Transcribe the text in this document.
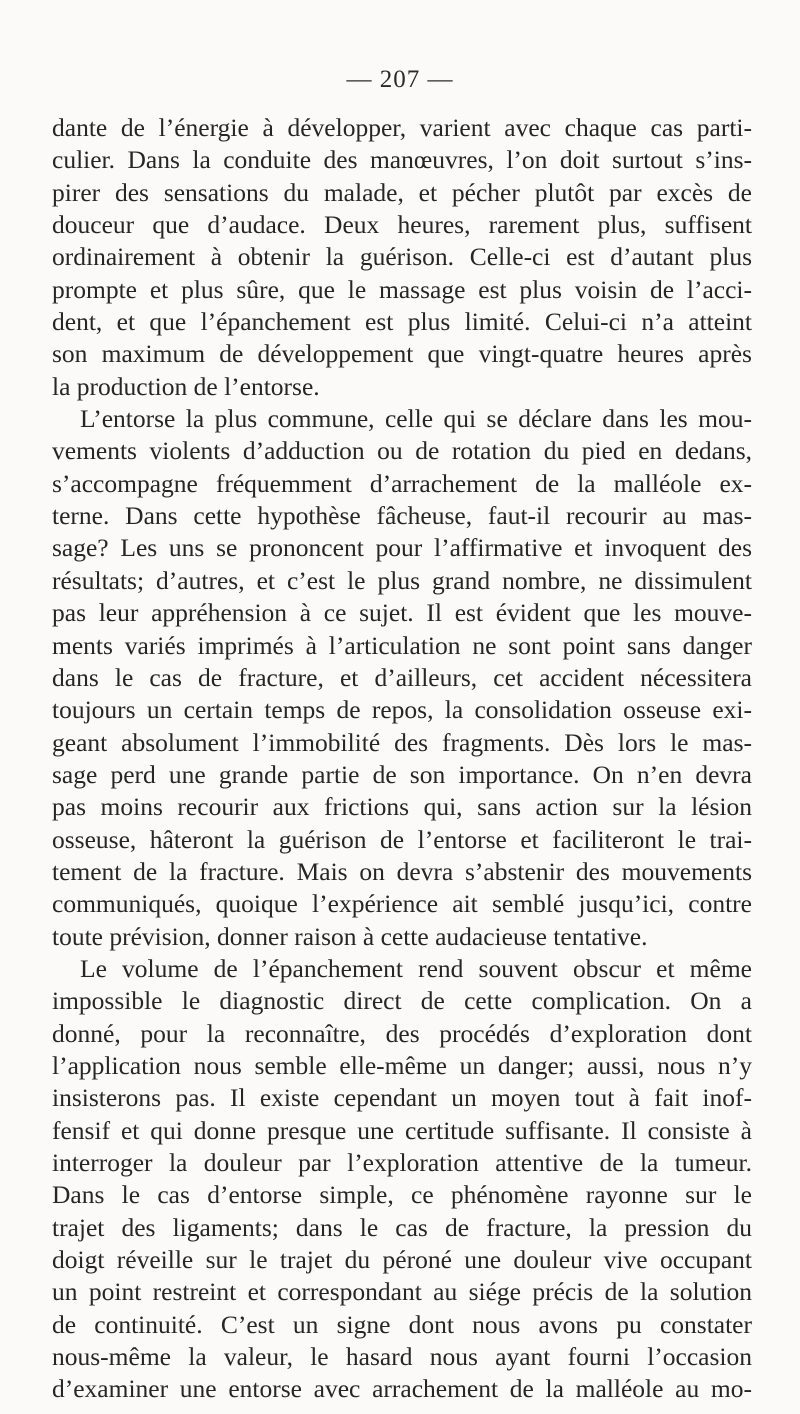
— 207 —
dante de l’énergie à développer, varient avec chaque cas parti-
culier. Dans la conduite des manœuvres, l’on doit surtout s’ins-
pirer des sensations du malade, et pécher plutôt par excès de
douceur que d’audace. Deux heures, rarement plus, suffisent
ordinairement à obtenir la guérison. Celle-ci est d’autant plus
prompte et plus sûre, que le massage est plus voisin de l’acci-
dent, et que l’épanchement est plus limité. Celui-ci n’a atteint
son maximum de développement que vingt-quatre heures après
la production de l’entorse.
L’entorse la plus commune, celle qui se déclare dans les mou-
vements violents d’adduction ou de rotation du pied en dedans,
s’accompagne fréquemment d’arrachement de la malléole ex-
terne. Dans cette hypothèse fâcheuse, faut-il recourir au mas-
sage? Les uns se prononcent pour l’affirmative et invoquent des
résultats; d’autres, et c’est le plus grand nombre, ne dissimulent
pas leur appréhension à ce sujet. Il est évident que les mouve-
ments variés imprimés à l’articulation ne sont point sans danger
dans le cas de fracture, et d’ailleurs, cet accident nécessitera
toujours un certain temps de repos, la consolidation osseuse exi-
geant absolument l’immobilité des fragments. Dès lors le mas-
sage perd une grande partie de son importance. On n’en devra
pas moins recourir aux frictions qui, sans action sur la lésion
osseuse, hâteront la guérison de l’entorse et faciliteront le trai-
tement de la fracture. Mais on devra s’abstenir des mouvements
communiqués, quoique l’expérience ait semblé jusqu’ici, contre
toute prévision, donner raison à cette audacieuse tentative.
Le volume de l’épanchement rend souvent obscur et même
impossible le diagnostic direct de cette complication. On a
donné, pour la reconnaître, des procédés d’exploration dont
l’application nous semble elle-même un danger; aussi, nous n’y
insisterons pas. Il existe cependant un moyen tout à fait inof-
fensif et qui donne presque une certitude suffisante. Il consiste à
interroger la douleur par l’exploration attentive de la tumeur.
Dans le cas d’entorse simple, ce phénomène rayonne sur le
trajet des ligaments; dans le cas de fracture, la pression du
doigt réveille sur le trajet du péroné une douleur vive occupant
un point restreint et correspondant au siége précis de la solution
de continuité. C’est un signe dont nous avons pu constater
nous-même la valeur, le hasard nous ayant fourni l’occasion
d’examiner une entorse avec arrachement de la malléole au mo-
